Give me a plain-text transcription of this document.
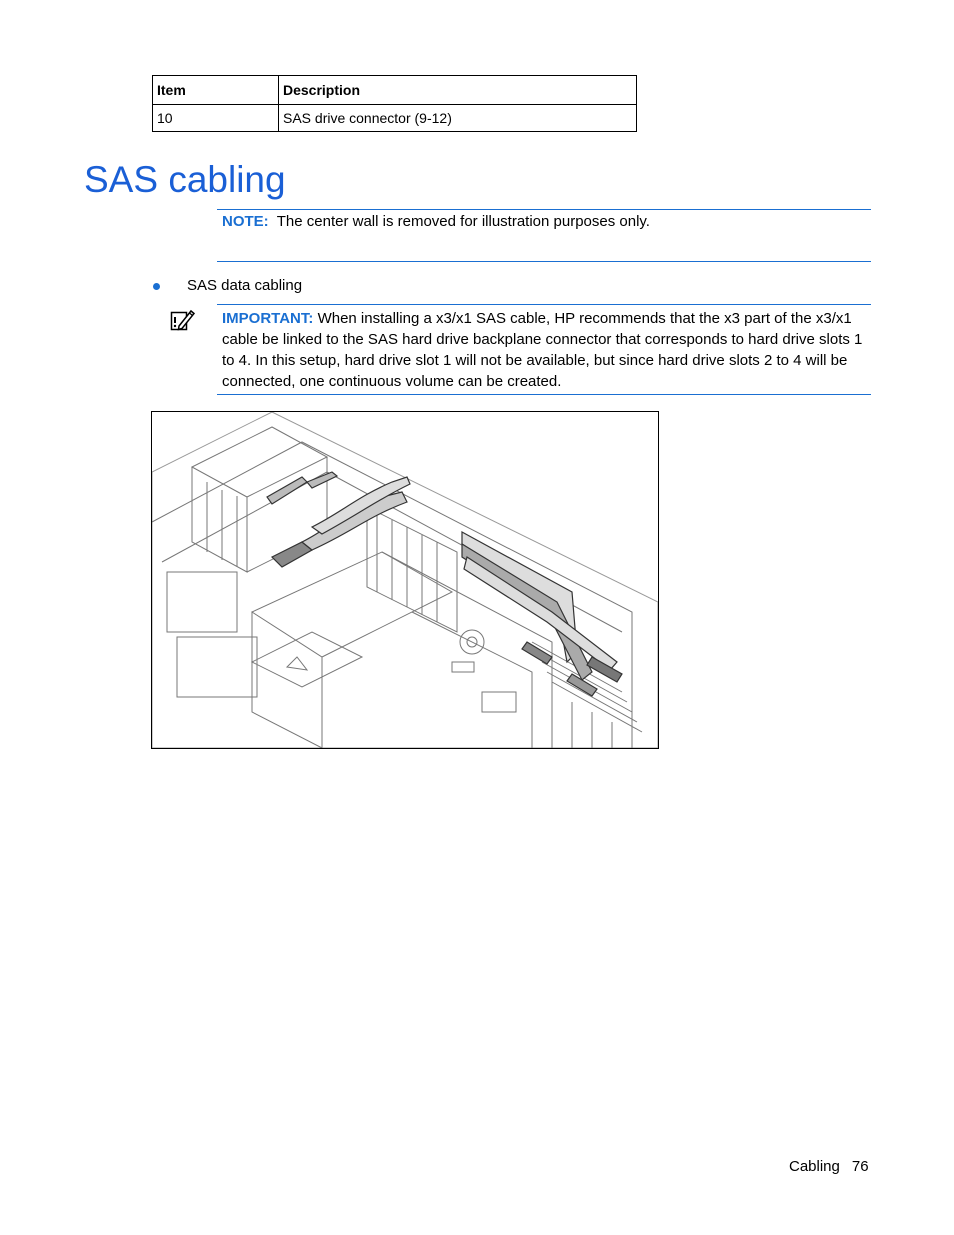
Item	Description
10	SAS drive connector (9-12)
SAS cabling
NOTE: The center wall is removed for illustration purposes only.
SAS data cabling
IMPORTANT: When installing a x3/x1 SAS cable, HP recommends that the x3 part of the x3/x1 cable be linked to the SAS hard drive backplane connector that corresponds to hard drive slots 1 to 4. In this setup, hard drive slot 1 will not be available, but since hard drive slots 2 to 4 will be connected, one continuous volume can be created.
Cabling 76
